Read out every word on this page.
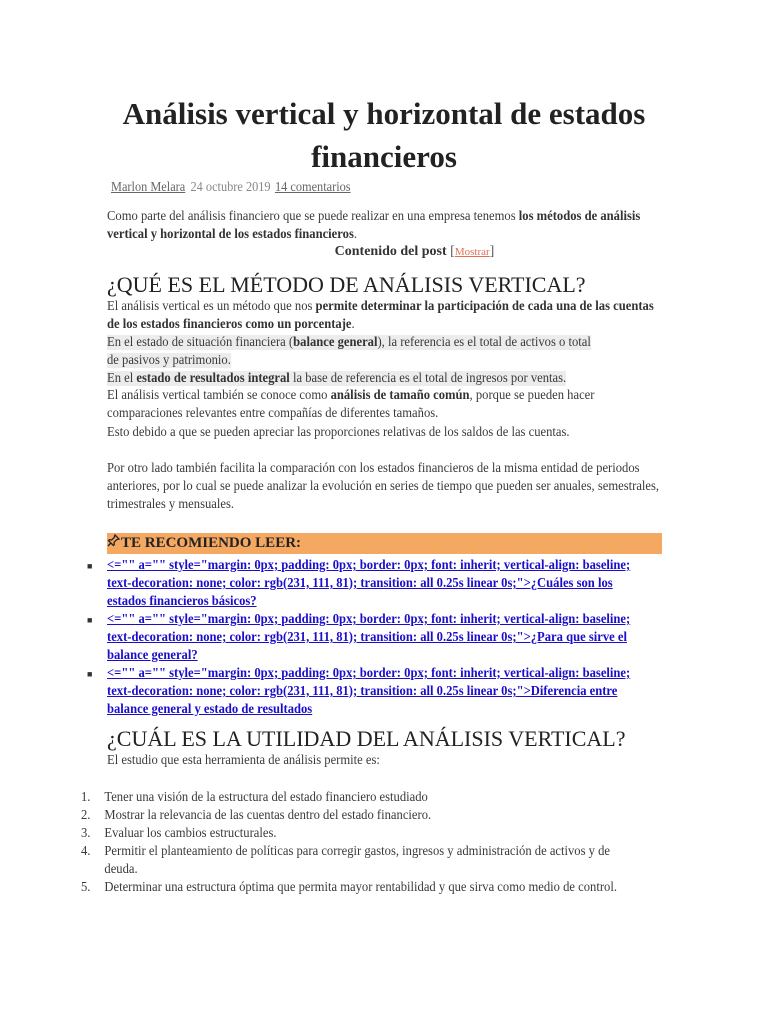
Análisis vertical y horizontal de estados financieros
Marlon Melara 24 octubre 2019 14 comentarios

Como parte del análisis financiero que se puede realizar en una empresa tenemos los métodos de análisis vertical y horizontal de los estados financieros.

Contenido del post [Mostrar]
¿QUÉ ES EL MÉTODO DE ANÁLISIS VERTICAL?

El análisis vertical es un método que nos permite determinar la participación de cada una de las cuentas de los estados financieros como un porcentaje.

En el estado de situación financiera (balance general), la referencia es el total de activos o total de pasivos y patrimonio.

En el estado de resultados integral la base de referencia es el total de ingresos por ventas.

El análisis vertical también se conoce como análisis de tamaño común, porque se pueden hacer comparaciones relevantes entre compañías de diferentes tamaños.

Esto debido a que se pueden apreciar las proporciones relativas de los saldos de las cuentas.

Por otro lado también facilita la comparación con los estados financieros de la misma entidad de periodos anteriores, por lo cual se puede analizar la evolución en series de tiempo que pueden ser anuales, semestrales, trimestrales y mensuales.

TE RECOMIENDO LEER:
■ <="" a="" style="margin: 0px; padding: 0px; border: 0px; font: inherit; vertical-align: baseline; text-decoration: none; color: rgb(231, 111, 81); transition: all 0.25s linear 0s;">¿Cuáles son los estados financieros básicos?
■ <="" a="" style="margin: 0px; padding: 0px; border: 0px; font: inherit; vertical-align: baseline; text-decoration: none; color: rgb(231, 111, 81); transition: all 0.25s linear 0s;">¿Para que sirve el balance general?
■ <="" a="" style="margin: 0px; padding: 0px; border: 0px; font: inherit; vertical-align: baseline; text-decoration: none; color: rgb(231, 111, 81); transition: all 0.25s linear 0s;">Diferencia entre balance general y estado de resultados
¿CUÁL ES LA UTILIDAD DEL ANÁLISIS VERTICAL?

El estudio que esta herramienta de análisis permite es:

1. Tener una visión de la estructura del estado financiero estudiado
2. Mostrar la relevancia de las cuentas dentro del estado financiero.
3. Evaluar los cambios estructurales.
4. Permitir el planteamiento de políticas para corregir gastos, ingresos y administración de activos y de deuda.
5. Determinar una estructura óptima que permita mayor rentabilidad y que sirva como medio de control.
